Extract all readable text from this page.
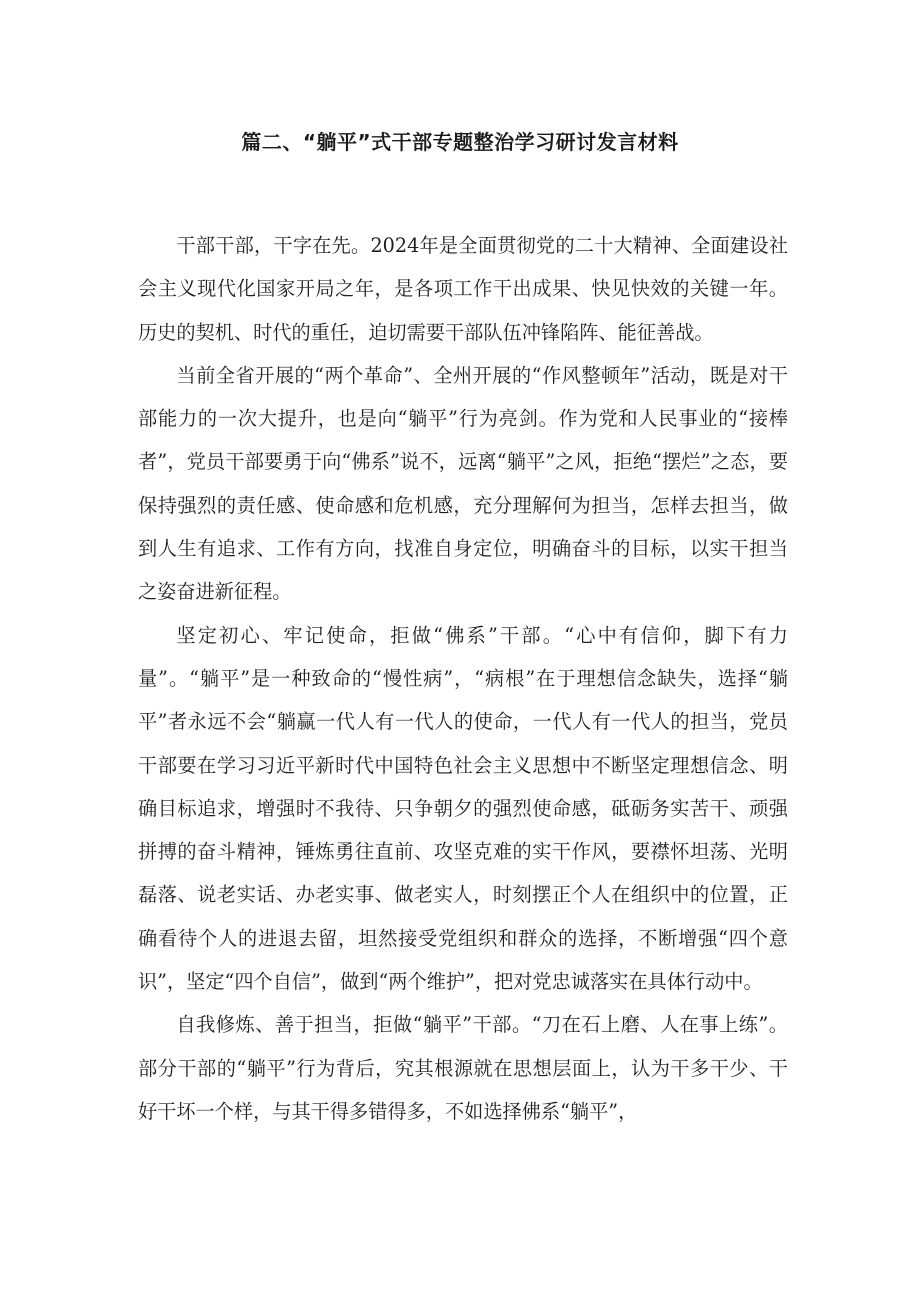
篇二、“躺平”式干部专题整治学习研讨发言材料

干部干部，干字在先。2024年是全面贯彻党的二十大精神、全面建设社会主义现代化国家开局之年，是各项工作干出成果、快见快效的关键一年。历史的契机、时代的重任，迫切需要干部队伍冲锋陷阵、能征善战。

当前全省开展的“两个革命”、全州开展的“作风整顿年”活动，既是对干部能力的一次大提升，也是向“躺平”行为亮剑。作为党和人民事业的“接棒者”，党员干部要勇于向“佛系”说不，远离“躺平”之风，拒绝“摆烂”之态，要保持强烈的责任感、使命感和危机感，充分理解何为担当，怎样去担当，做到人生有追求、工作有方向，找准自身定位，明确奋斗的目标，以实干担当之姿奋进新征程。

坚定初心、牢记使命，拒做“佛系”干部。“心中有信仰，脚下有力量”。“躺平”是一种致命的“慢性病”，“病根”在于理想信念缺失，选择“躺平”者永远不会“躺赢一代人有一代人的使命，一代人有一代人的担当，党员干部要在学习习近平新时代中国特色社会主义思想中不断坚定理想信念、明确目标追求，增强时不我待、只争朝夕的强烈使命感，砥砺务实苦干、顽强拼搏的奋斗精神，锤炼勇往直前、攻坚克难的实干作风，要襟怀坦荡、光明磊落、说老实话、办老实事、做老实人，时刻摆正个人在组织中的位置，正确看待个人的进退去留，坦然接受党组织和群众的选择，不断增强“四个意识”，坚定“四个自信”，做到“两个维护”，把对党忠诚落实在具体行动中。

自我修炼、善于担当，拒做“躺平”干部。“刀在石上磨、人在事上练”。部分干部的“躺平”行为背后，究其根源就在思想层面上，认为干多干少、干好干坏一个样，与其干得多错得多，不如选择佛系“躺平”，
